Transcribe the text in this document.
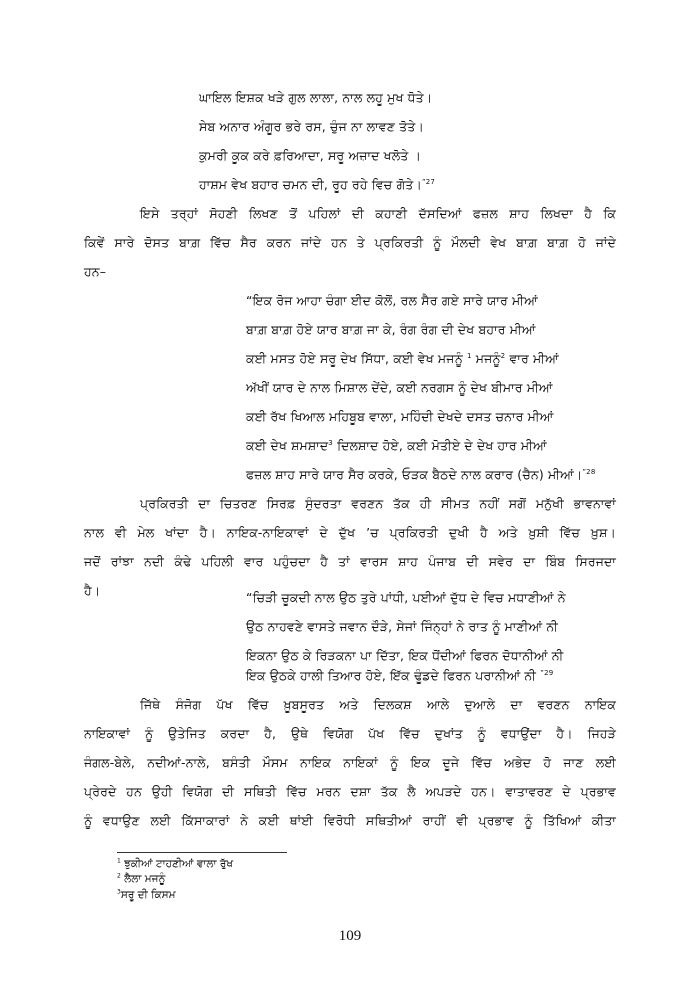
ਘਾਇਲ ਇਸ਼ਕ ਖੜੇ ਗੁਲ ਲਾਲਾ, ਨਾਲ ਲਹੂ ਮੁਖ ਧੋਤੇ।
ਸੇਬ ਅਨਾਰ ਅੰਗੂਰ ਭਰੇ ਰਸ, ਚੁੰਜ ਨਾ ਲਾਵਣ ਤੋਤੇ।
ਕੁਮਰੀ ਕੂਕ ਕਰੇ ਫ਼ਰਿਆਦਾ, ਸਰੂ ਅਜ਼ਾਦ ਖਲੋਤੇ ।
ਹਾਸ਼ਮ ਵੇਖ ਬਹਾਰ ਚਮਨ ਦੀ, ਰੂਹ ਰਹੇ ਵਿਚ ਗੋਤੇ।$^{”27}$
ਇਸੇ ਤਰ੍ਹਾਂ ਸੋਹਣੀ ਲਿਖਣ ਤੋਂ ਪਹਿਲਾਂ ਦੀ ਕਹਾਣੀ ਦੱਸਦਿਆਂ ਫਜ਼ਲ ਸ਼ਾਹ ਲਿਖਦਾ ਹੈ ਕਿ
ਕਿਵੇਂ ਸਾਰੇ ਦੋਸਤ ਬਾਗ਼ ਵਿੱਚ ਸੈਰ ਕਰਨ ਜਾਂਦੇ ਹਨ ਤੇ ਪ੍ਰਕਿਰਤੀ ਨੂੰ ਮੌਲਦੀ ਵੇਖ ਬਾਗ਼ ਬਾਗ਼ ਹੋ ਜਾਂਦੇ
ਹਨ–
“ਇਕ ਰੋਜ ਆਹਾ ਚੰਗਾ ਈਦ ਕੋਲੋਂ, ਰਲ ਸੈਰ ਗਏ ਸਾਰੇ ਯਾਰ ਮੀਆਂ
ਬਾਗ਼ ਬਾਗ਼ ਹੋਏ ਯਾਰ ਬਾਗ਼ ਜਾ ਕੇ, ਰੰਗ ਰੰਗ ਦੀ ਦੇਖ ਬਹਾਰ ਮੀਆਂ
ਕਈ ਮਸਤ ਹੋਏ ਸਰੂ ਦੇਖ ਸਿੱਧਾ, ਕਈ ਵੇਖ ਮਜਨੂੰ $^1$ ਮਜਨੂੰ$^2$ ਵਾਰ ਮੀਆਂ
ਅੱਖੀਂ ਯਾਰ ਦੇ ਨਾਲ ਮਿਸ਼ਾਲ ਦੇਂਦੇ, ਕਈ ਨਰਗਸ ਨੂੰ ਦੇਖ ਬੀਮਾਰ ਮੀਆਂ
ਕਈ ਰੱਖ ਖਿਆਲ ਮਹਿਬੂਬ ਵਾਲਾ, ਮਹਿੰਦੀ ਦੇਖਦੇ ਦਸਤ ਚਨਾਰ ਮੀਆਂ
ਕਈ ਦੇਖ ਸ਼ਮਸ਼ਾਦ$^3$ ਦਿਲਸ਼ਾਦ ਹੋਏ, ਕਈ ਮੋਤੀਏ ਦੇ ਦੇਖ ਹਾਰ ਮੀਆਂ
ਫਜ਼ਲ ਸ਼ਾਹ ਸਾਰੇ ਯਾਰ ਸੈਰ ਕਰਕੇ, ਓੜਕ ਬੈਠਦੇ ਨਾਲ ਕਰਾਰ (ਚੈਨ) ਮੀਆਂ।$^{”28}$
ਪ੍ਰਕਿਰਤੀ ਦਾ ਚਿਤਰਣ ਸਿਰਫ਼ ਸੁੰਦਰਤਾ ਵਰਣਨ ਤੱਕ ਹੀ ਸੀਮਤ ਨਹੀਂ ਸਗੋਂ ਮਨੁੱਖੀ ਭਾਵਨਾਵਾਂ
ਨਾਲ ਵੀ ਮੇਲ ਖਾਂਦਾ ਹੈ। ਨਾਇਕ-ਨਾਇਕਾਵਾਂ ਦੇ ਦੁੱਖ ’ਚ ਪ੍ਰਕਿਰਤੀ ਦੁਖੀ ਹੈ ਅਤੇ ਖ਼ੁਸ਼ੀ ਵਿੱਚ ਖ਼ੁਸ਼।
ਜਦੋਂ ਰਾਂਝਾ ਨਦੀ ਕੰਢੇ ਪਹਿਲੀ ਵਾਰ ਪਹੁੰਚਦਾ ਹੈ ਤਾਂ ਵਾਰਸ ਸ਼ਾਹ ਪੰਜਾਬ ਦੀ ਸਵੇਰ ਦਾ ਬਿੰਬ ਸਿਰਜਦਾ
ਹੈ।	“ਚਿੜੀ ਚੂਕਦੀ ਨਾਲ ਉਠ ਤੁਰੇ ਪਾਂਧੀ, ਪਈਆਂ ਦੁੱਧ ਦੇ ਵਿਚ ਮਧਾਣੀਆਂ ਨੇ
ਉਠ ਨਾਹਵਣੇ ਵਾਸਤੇ ਜਵਾਨ ਦੌੜੇ, ਸੇਜਾਂ ਜਿੰਨ੍ਹਾਂ ਨੇ ਰਾਤ ਨੂੰ ਮਾਣੀਆਂ ਨੀ
ਇਕਨਾ ਉਠ ਕੇ ਰਿੜਕਨਾ ਪਾ ਦਿੱਤਾ, ਇਕ ਧੋਂਦੀਆਂ ਫਿਰਨ ਦੋਧਾਨੀਆਂ ਨੀ
ਇਕ ਉਠਕੇ ਹਾਲੀ ਤਿਆਰ ਹੋਏ, ਇੱਕ ਢੂੰਡਦੇ ਫਿਰਨ ਪਰਾਨੀਆਂ ਨੀ $^{”29}$
ਜਿੱਥੇ ਸੰਜੋਗ ਪੱਖ ਵਿੱਚ ਖ਼ੂਬਸੂਰਤ ਅਤੇ ਦਿਲਕਸ਼ ਆਲੇ ਦੁਆਲੇ ਦਾ ਵਰਣਨ ਨਾਇਕ
ਨਾਇਕਾਵਾਂ ਨੂੰ ਉਤੇਜਿਤ ਕਰਦਾ ਹੈ, ਉਥੇ ਵਿਯੋਗ ਪੱਖ ਵਿੱਚ ਦੁਖਾਂਤ ਨੂੰ ਵਧਾਉਂਦਾ ਹੈ। ਜਿਹੜੇ
ਜੰਗਲ-ਬੇਲੇ, ਨਦੀਆਂ-ਨਾਲੇ, ਬਸੰਤੀ ਮੌਸਮ ਨਾਇਕ ਨਾਇਕਾਂ ਨੂੰ ਇਕ ਦੂਜੇ ਵਿੱਚ ਅਭੇਦ ਹੋ ਜਾਣ ਲਈ
ਪ੍ਰੇਰਦੇ ਹਨ ਉਹੀ ਵਿਯੋਗ ਦੀ ਸਥਿਤੀ ਵਿੱਚ ਮਰਨ ਦਸ਼ਾ ਤੱਕ ਲੈ ਅਪੜਦੇ ਹਨ। ਵਾਤਾਵਰਣ ਦੇ ਪ੍ਰਭਾਵ
ਨੂੰ ਵਧਾਉਣ ਲਈ ਕਿੱਸਾਕਾਰਾਂ ਨੇ ਕਈ ਥਾਂਈ ਵਿਰੋਧੀ ਸਥਿਤੀਆਂ ਰਾਹੀਂ ਵੀ ਪ੍ਰਭਾਵ ਨੂੰ ਤਿੱਖਿਆਂ ਕੀਤਾ
$^1$ ਝੁਕੀਆਂ ਟਾਹਣੀਆਂ ਵਾਲਾ ਰੁੱਖ
$^2$ ਲੈਲਾ ਮਜਨੂੰ
$^3$ਸਰੂ ਦੀ ਕਿਸਮ
109
